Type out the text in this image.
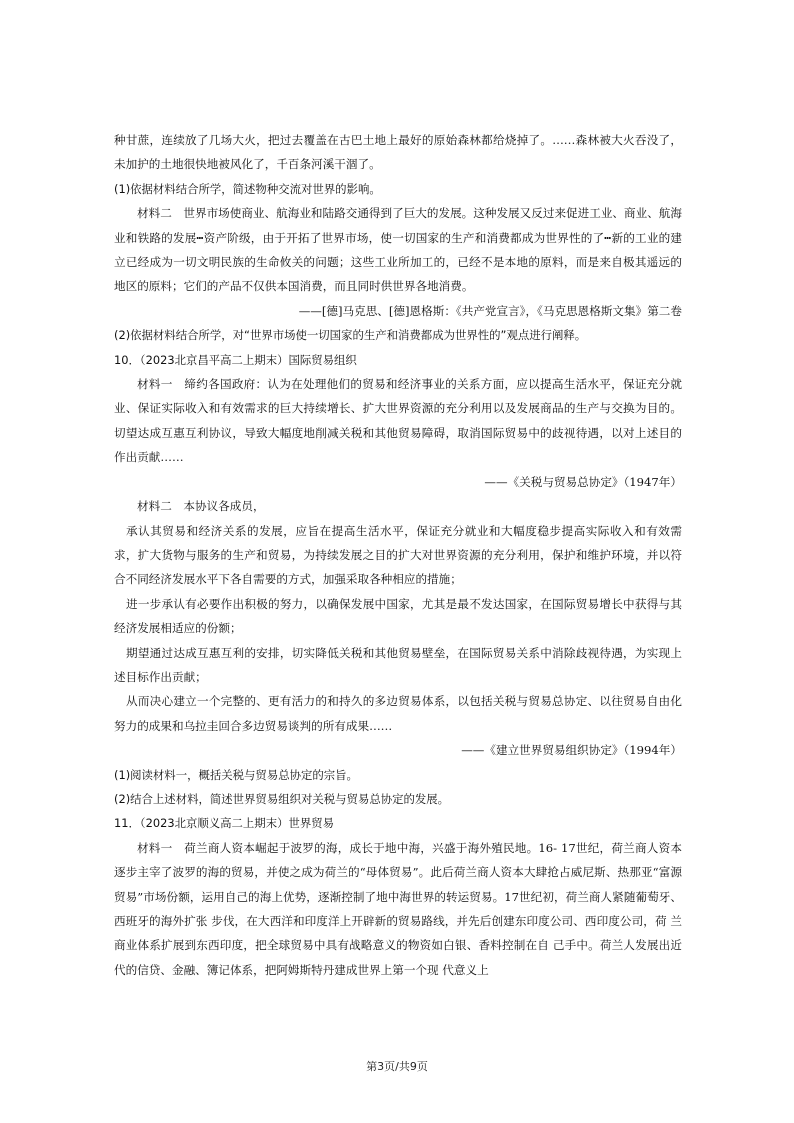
种甘蔗，连续放了几场大火，把过去覆盖在古巴土地上最好的原始森林都给烧掉了。……森林被大火吞没了，未加护的土地很快地被风化了，千百条河溪干涸了。

(1)依据材料结合所学，简述物种交流对世界的影响。

材料二　世界市场使商业、航海业和陆路交通得到了巨大的发展。这种发展又反过来促进工业、商业、航海业和铁路的发展┅资产阶级，由于开拓了世界市场，使一切国家的生产和消费都成为世界性的了┅新的工业的建立已经成为一切文明民族的生命攸关的问题；这些工业所加工的，已经不是本地的原料，而是来自极其遥远的地区的原料；它们的产品不仅供本国消费，而且同时供世界各地消费。

——[德]马克思、[德]恩格斯：《共产党宣言》，《马克思恩格斯文集》第二卷

(2)依据材料结合所学，对“世界市场使一切国家的生产和消费都成为世界性的”观点进行阐释。

10．（2023北京昌平高二上期末）国际贸易组织

材料一　缔约各国政府：认为在处理他们的贸易和经济事业的关系方面，应以提高生活水平，保证充分就业、保证实际收入和有效需求的巨大持续增长、扩大世界资源的充分利用以及发展商品的生产与交换为目的。切望达成互惠互利协议，导致大幅度地削减关税和其他贸易障碍，取消国际贸易中的歧视待遇，以对上述目的作出贡献……

——《关税与贸易总协定》（1947年）

材料二　本协议各成员，

承认其贸易和经济关系的发展，应旨在提高生活水平，保证充分就业和大幅度稳步提高实际收入和有效需求，扩大货物与服务的生产和贸易，为持续发展之目的扩大对世界资源的充分利用，保护和维护环境，并以符合不同经济发展水平下各自需要的方式，加强采取各种相应的措施；

进一步承认有必要作出积极的努力，以确保发展中国家，尤其是最不发达国家，在国际贸易增长中获得与其经济发展相适应的份额；

期望通过达成互惠互利的安排，切实降低关税和其他贸易壁垒，在国际贸易关系中消除歧视待遇，为实现上述目标作出贡献；

从而决心建立一个完整的、更有活力的和持久的多边贸易体系，以包括关税与贸易总协定、以往贸易自由化努力的成果和乌拉圭回合多边贸易谈判的所有成果……

——《建立世界贸易组织协定》（1994年）

(1)阅读材料一，概括关税与贸易总协定的宗旨。

(2)结合上述材料，简述世界贸易组织对关税与贸易总协定的发展。

11．（2023北京顺义高二上期末）世界贸易

材料一　荷兰商人资本崛起于波罗的海，成长于地中海，兴盛于海外殖民地。16- 17世纪，荷兰商人资本逐步主宰了波罗的海的贸易，并使之成为荷兰的“母体贸易”。此后荷兰商人资本大肆抢占威尼斯、热那亚“富源贸易”市场份额，运用自己的海上优势，逐渐控制了地中海世界的转运贸易。17世纪初，荷兰商人紧随葡萄牙、西班牙的海外扩张 步伐，在大西洋和印度洋上开辟新的贸易路线，并先后创建东印度公司、西印度公司，荷 兰商业体系扩展到东西印度，把全球贸易中具有战略意义的物资如白银、香料控制在自 己手中。荷兰人发展出近代的信贷、金融、簿记体系，把阿姆斯特丹建成世界上第一个现 代意义上

第3页/共9页
